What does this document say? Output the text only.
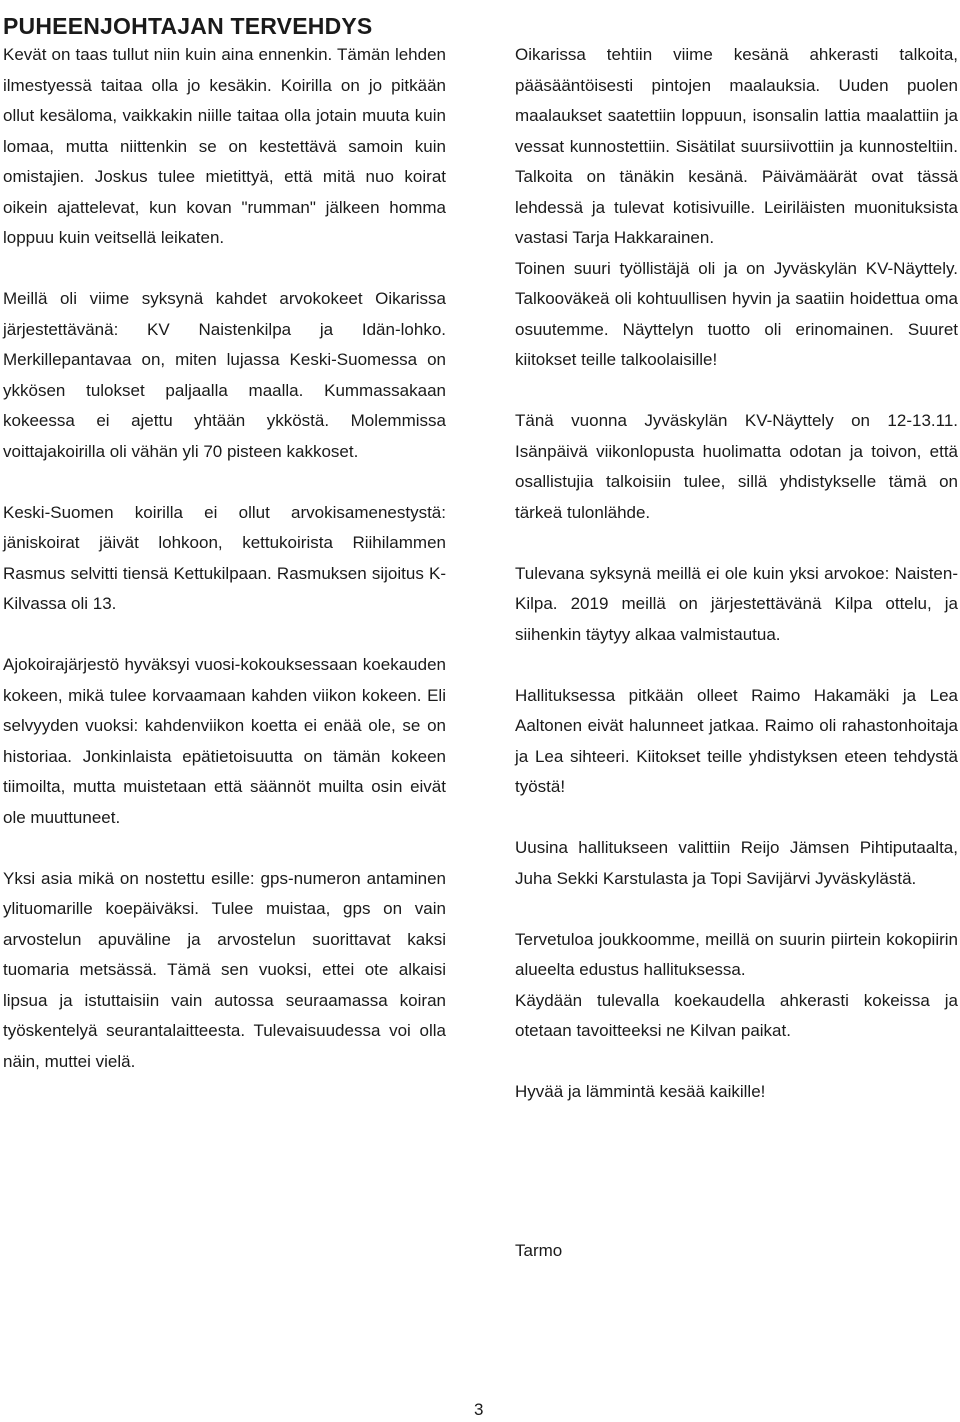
PUHEENJOHTAJAN TERVEHDYS

Kevät on taas tullut niin kuin aina ennenkin. Tämän lehden ilmestyessä taitaa olla jo kesäkin. Koirilla on jo pitkään ollut kesäloma, vaikkakin niille taitaa olla jotain muuta kuin lomaa, mutta niittenkin se on kestettävä samoin kuin omistajien. Joskus tulee mietittyä, että mitä nuo koirat oikein ajattelevat, kun kovan "rumman" jälkeen homma loppuu kuin veitsellä leikaten.

Meillä oli viime syksynä kahdet arvokokeet Oikarissa järjestettävänä: KV Naistenkilpa ja Idän-lohko. Merkillepantavaa on, miten lujassa Keski-Suomessa on ykkösen tulokset paljaalla maalla. Kummassakaan kokeessa ei ajettu yhtään ykköstä. Molemmissa voittajakoirilla oli vähän yli 70 pisteen kakkoset.

Keski-Suomen koirilla ei ollut arvokisamenestystä: jäniskoirat jäivät lohkoon, kettukoirista Riihilammen Rasmus selvitti tiensä Kettukilpaan. Rasmuksen sijoitus K-Kilvassa oli 13.

Ajokoirajärjestö hyväksyi vuosi-kokouksessaan koekauden kokeen, mikä tulee korvaamaan kahden viikon kokeen. Eli selvyyden vuoksi: kahdenviikon koetta ei enää ole, se on historiaa. Jonkinlaista epätietoisuutta on tämän kokeen tiimoilta, mutta muistetaan että säännöt muilta osin eivät ole muuttuneet.

Yksi asia mikä on nostettu esille: gps-numeron antaminen ylituomarille koepäiväksi. Tulee muistaa, gps on vain arvostelun apuväline ja arvostelun suorittavat kaksi tuomaria metsässä. Tämä sen vuoksi, ettei ote alkaisi lipsua ja istuttaisiin vain autossa seuraamassa koiran työskentelyä seurantalaitteesta. Tulevaisuudessa voi olla näin, muttei vielä.

Oikarissa tehtiin viime kesänä ahkerasti talkoita, pääsääntöisesti pintojen maalauksia. Uuden puolen maalaukset saatettiin loppuun, isonsalin lattia maalattiin ja vessat kunnostettiin. Sisätilat suursiivottiin ja kunnosteltiin. Talkoita on tänäkin kesänä. Päivämäärät ovat tässä lehdessä ja tulevat kotisivuille. Leiriläisten muonituksista vastasi Tarja Hakkarainen.

Toinen suuri työllistäjä oli ja on Jyväskylän KV-Näyttely. Talkooväkeä oli kohtuullisen hyvin ja saatiin hoidettua oma osuutemme. Näyttelyn tuotto oli erinomainen. Suuret kiitokset teille talkoolaisille!

Tänä vuonna Jyväskylän KV-Näyttely on 12-13.11. Isänpäivä viikonlopusta huolimatta odotan ja toivon, että osallistujia talkoisiin tulee, sillä yhdistykselle tämä on tärkeä tulonlähde.

Tulevana syksynä meillä ei ole kuin yksi arvokoe: Naisten-Kilpa. 2019 meillä on järjestettävänä Kilpa ottelu, ja siihenkin täytyy alkaa valmistautua.

Hallituksessa pitkään olleet Raimo Hakamäki ja Lea Aaltonen eivät halunneet jatkaa. Raimo oli rahastonhoitaja ja Lea sihteeri. Kiitokset teille yhdistyksen eteen tehdystä työstä!

Uusina hallitukseen valittiin Reijo Jämsen Pihtiputaalta, Juha Sekki Karstulasta ja Topi Savijärvi Jyväskylästä.

Tervetuloa joukkoomme, meillä on suurin piirtein kokopiirin alueelta edustus hallituksessa.

Käydään tulevalla koekaudella ahkerasti kokeissa ja otetaan tavoitteeksi ne Kilvan paikat.

Hyvää ja lämmintä kesää kaikille!

Tarmo
3
